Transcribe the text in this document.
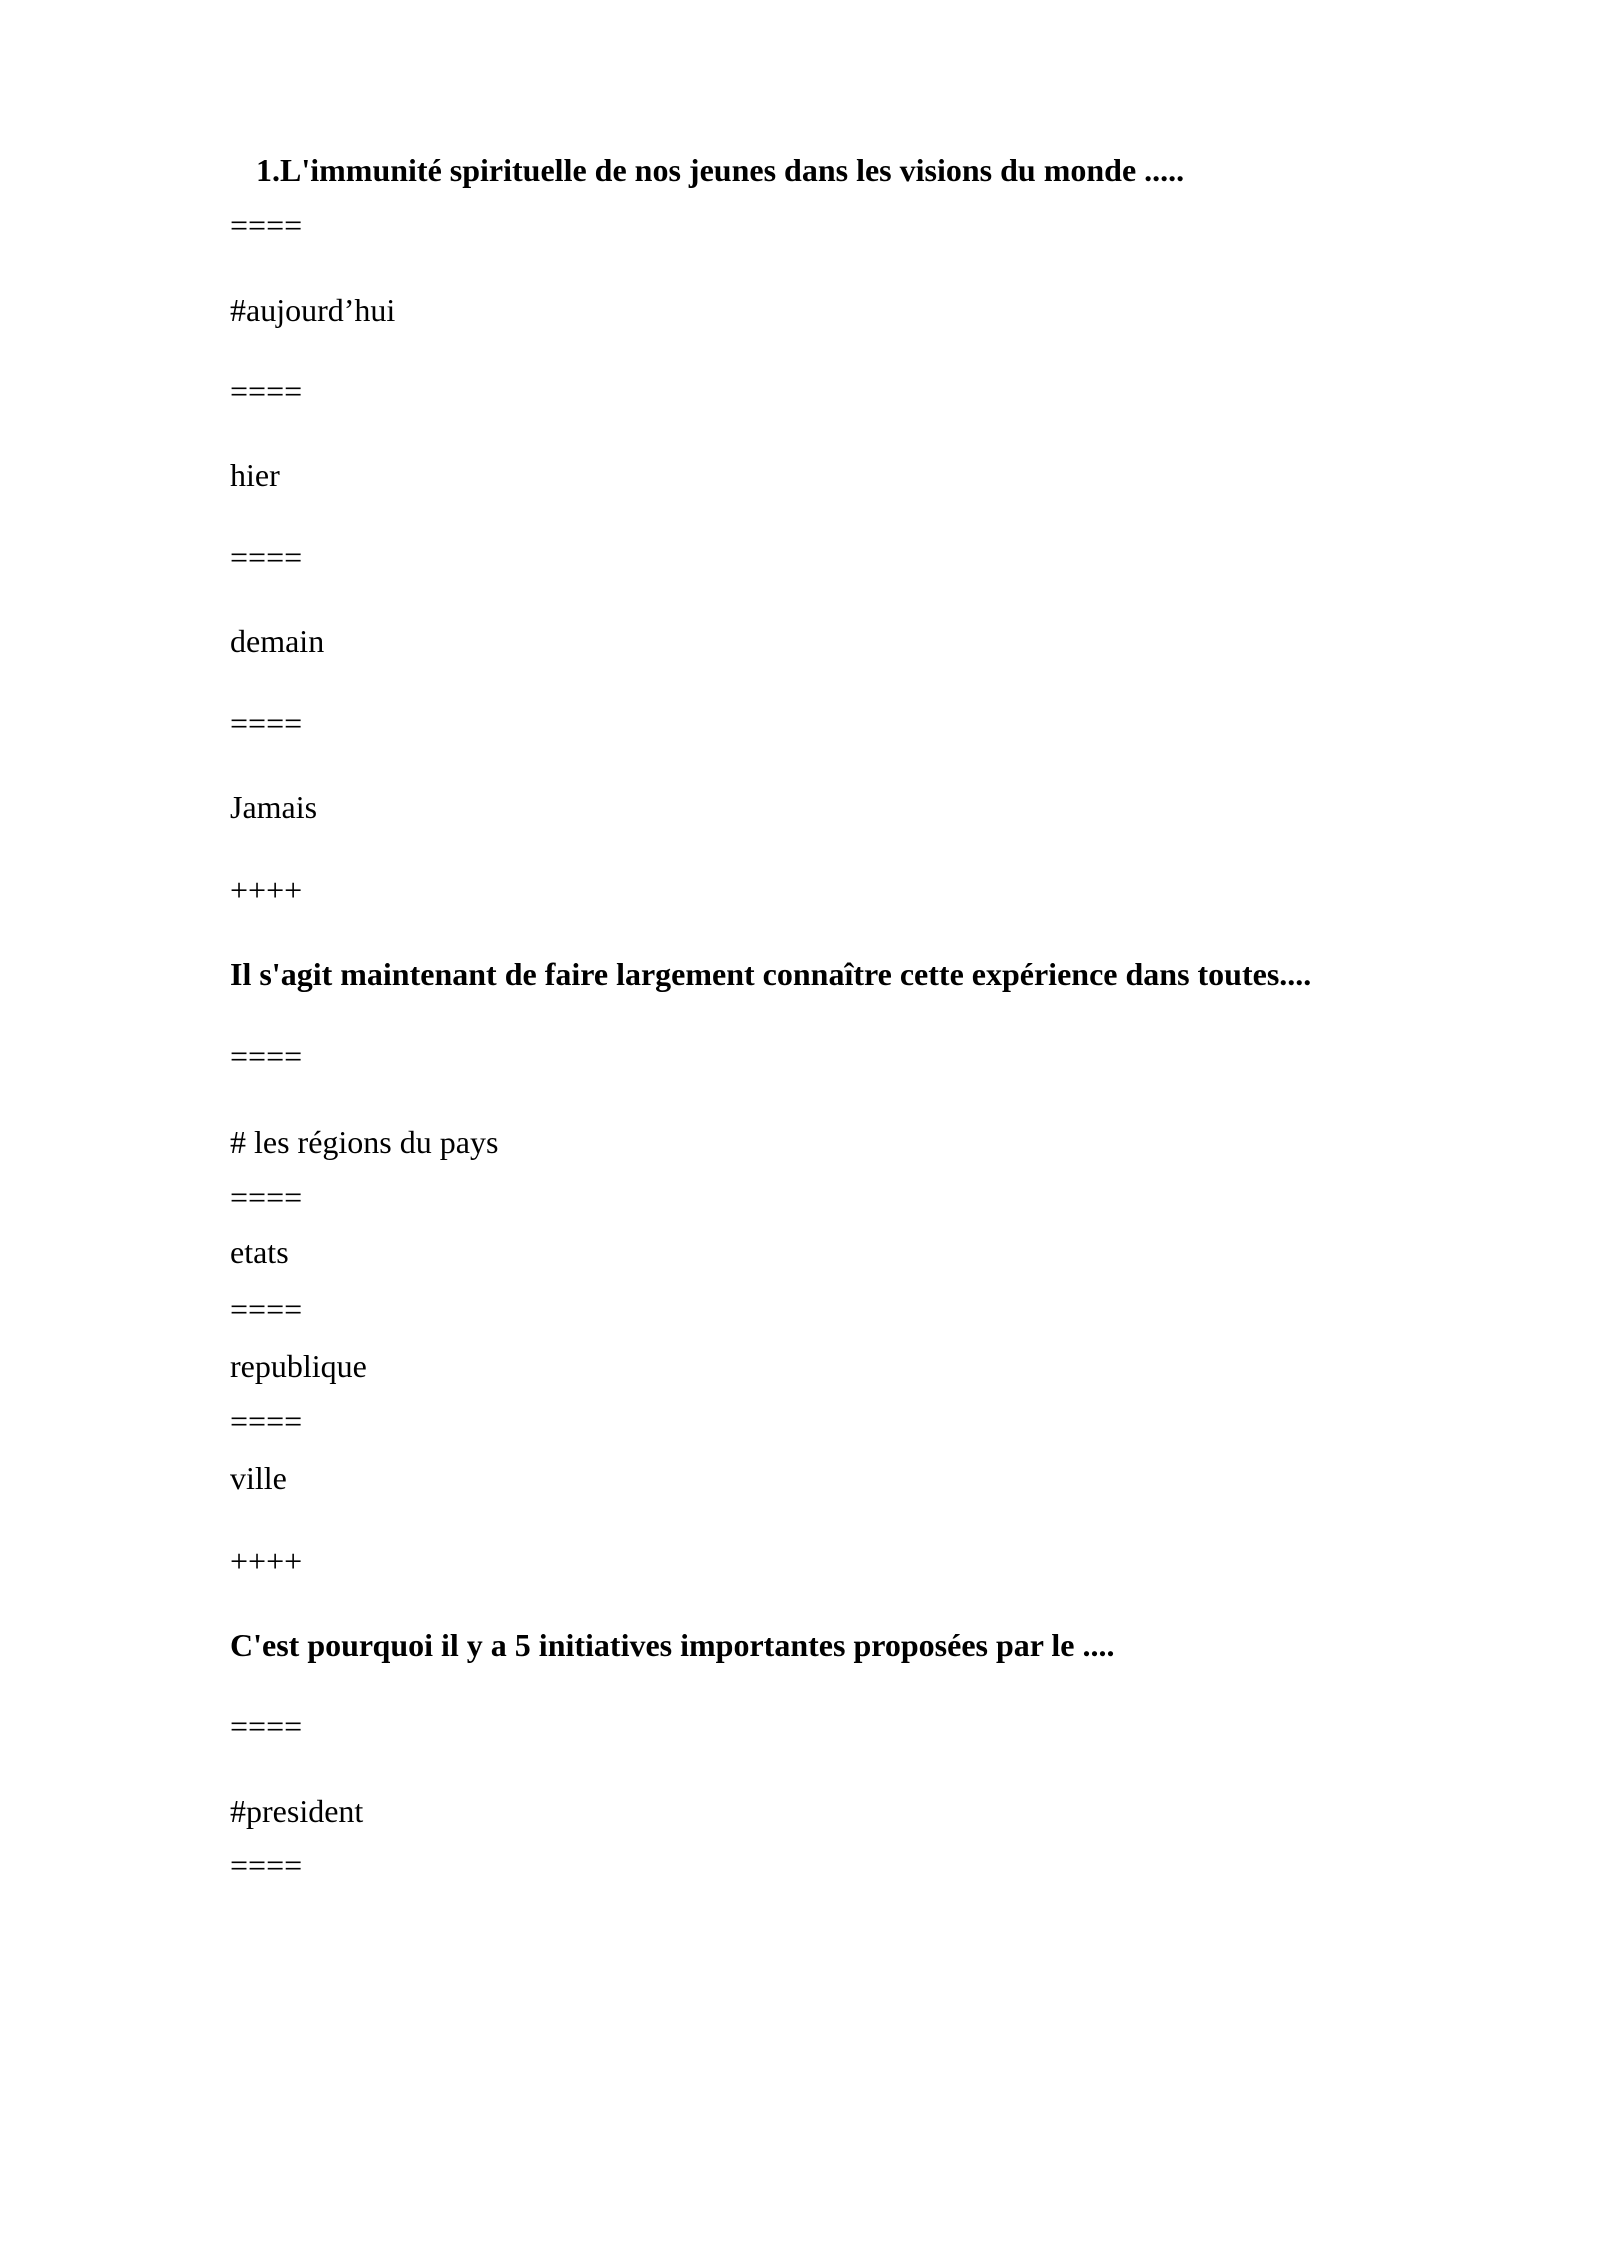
1.L'immunité spirituelle de nos jeunes dans les visions du monde .....
====
#aujourd’hui
====
hier
====
demain
====
Jamais
++++
Il s'agit maintenant de faire largement connaître cette expérience dans toutes....
====
# les régions du pays
====
etats
====
republique
====
ville
++++
C'est pourquoi il y a 5 initiatives importantes proposées par le ....
====
#president
====
